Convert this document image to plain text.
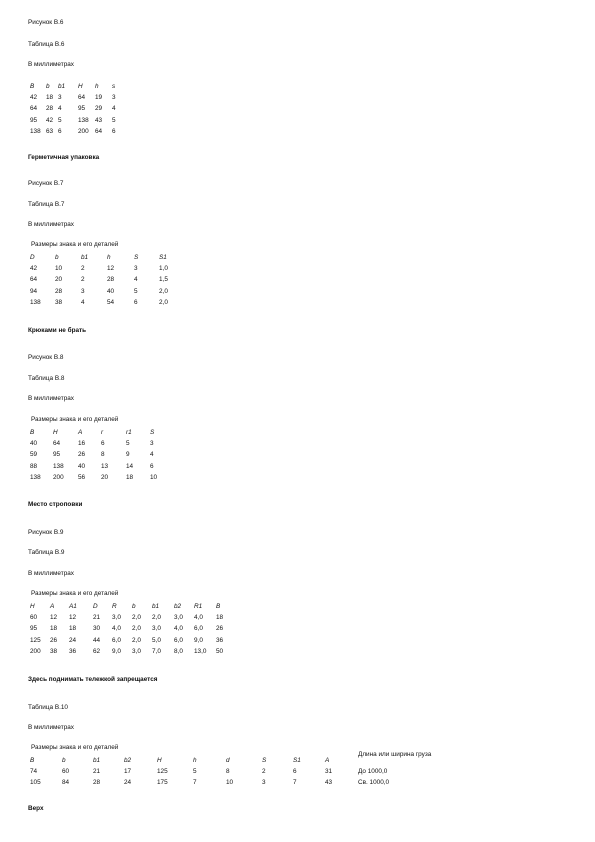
Рисунок В.6
Таблица В.6
В миллиметрах
B	b	b1	H	h	s
42	18	3	64	19	3
64	28	4	95	29	4
95	42	5	138	43	5
138	63	6	200	64	6
Герметичная упаковка
Рисунок В.7
Таблица В.7
В миллиметрах
Размеры знака и его деталей
D	b	b1	h	S	S1
42	10	2	12	3	1,0
64	20	2	28	4	1,5
94	28	3	40	5	2,0
138	38	4	54	6	2,0
Крюками не брать
Рисунок В.8
Таблица В.8
В миллиметрах
Размеры знака и его деталей
B	H	A	r	r1	S
40	64	16	6	5	3
59	95	26	8	9	4
88	138	40	13	14	6
138	200	56	20	18	10
Место строповки
Рисунок В.9
Таблица В.9
В миллиметрах
Размеры знака и его деталей
H	A	A1	D	R	b	b1	b2	R1	B
60	12	12	21	3,0	2,0	2,0	3,0	4,0	18
95	18	18	30	4,0	2,0	3,0	4,0	6,0	26
125	26	24	44	6,0	2,0	5,0	6,0	9,0	36
200	38	36	62	9,0	3,0	7,0	8,0	13,0	50
Здесь поднимать тележкой запрещается
Таблица В.10
В миллиметрах
Размеры знака и его деталей
Длина или ширина груза
B	b	b1	b2	H	h	d	S	S1	A	
74	60	21	17	125	5	8	2	6	31	До 1000,0
105	84	28	24	175	7	10	3	7	43	Св. 1000,0
Верх
